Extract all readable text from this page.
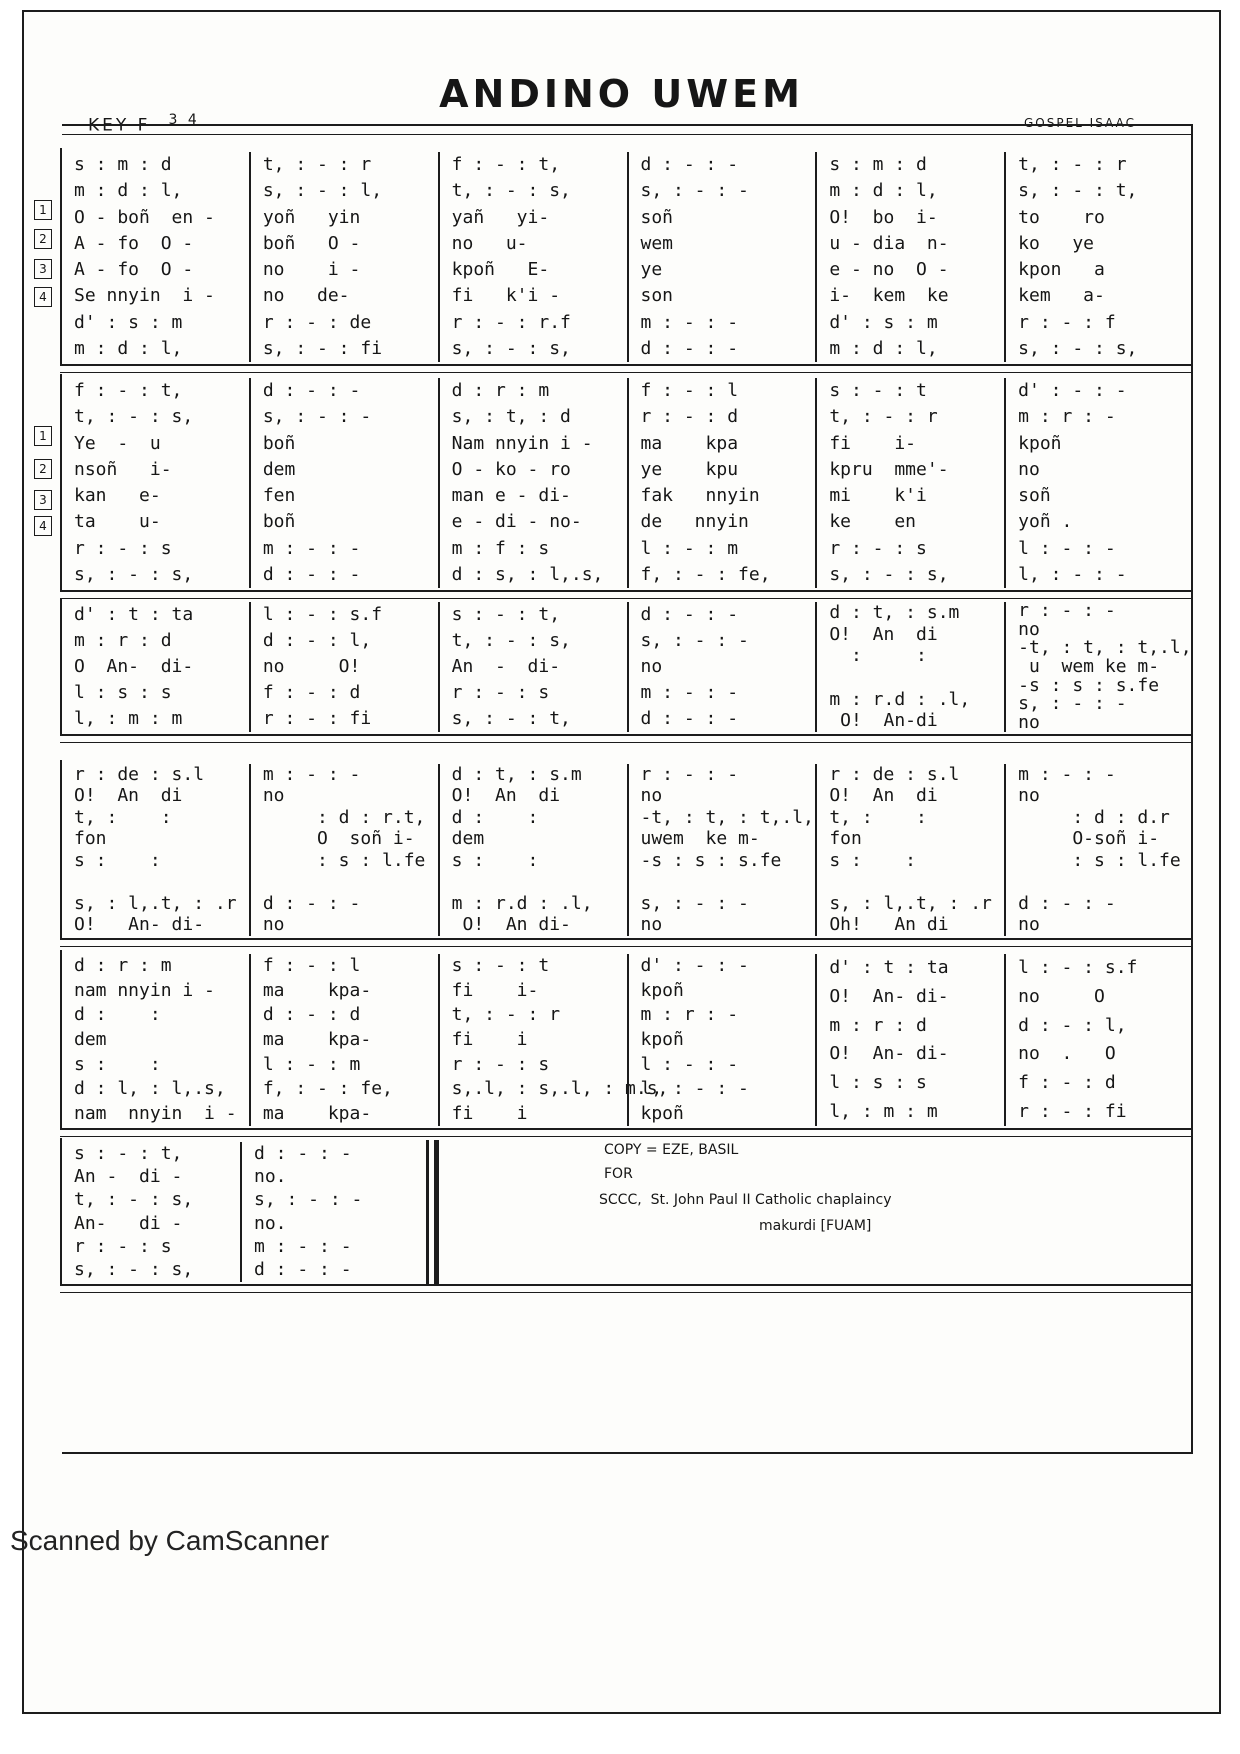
ANDINO UWEM
KEY F $^{3 4}$	GOSPEL ISAAC
s : m : d
m : d : l,
O - boñ  en -
A - fo  O -
A - fo  O -
Se nnyin  i -
d' : s : m
m : d : l,
t, : - : r
s, : - : l,
yoñ   yin
boñ   O -
no    i -
no   de-
r : - : de
s, : - : fi
f : - : t,
t, : - : s,
yañ   yi-
no   u-
kpoñ   E-
fi   k'i -
r : - : r.f
s, : - : s,
d : - : -
s, : - : -
soñ
wem
ye
son
m : - : -
d : - : -
s : m : d
m : d : l,
O!  bo  i-
u - dia  n-
e - no  O -
i-  kem  ke
d' : s : m
m : d : l,
t, : - : r
s, : - : t,
to    ro
ko   ye
kpon   a
kem   a-
r : - : f
s, : - : s,
1
2
3
4
f : - : t,
t, : - : s,
Ye  -  u
nsoñ   i-
kan   e-
ta    u-
r : - : s
s, : - : s,
d : - : -
s, : - : -
boñ
dem
fen
boñ
m : - : -
d : - : -
d : r : m
s, : t, : d
Nam nnyin i -
O - ko - ro
man e - di-
e - di - no-
m : f : s
d : s, : l,.s,
f : - : l
r : - : d
ma    kpa
ye    kpu
fak   nnyin
de   nnyin
l : - : m
f, : - : fe,
s : - : t
t, : - : r
fi    i-
kpru  mme'-
mi    k'i
ke    en
r : - : s
s, : - : s,
d' : - : -
m : r : -
kpoñ
no
soñ
yoñ .
l : - : -
l, : - : -
1
2
3
4
d' : t : ta
m : r : d
O  An-  di-
l : s : s
l, : m : m
l : - : s.f
d : - : l,
no     O!
f : - : d
r : - : fi
s : - : t,
t, : - : s,
An  -  di-
r : - : s
s, : - : t,
d : - : -
s, : - : -
no
m : - : -
d : - : -
d : t, : s.m
O!  An  di
:     :
m : r.d : .l,
O!  An-di
r : - : -
no
-t, : t, : t,.l,
u  wem ke m-
-s : s : s.fe
s, : - : -
no
r : de : s.l
O!  An  di
t, :    :
fon
s :    :
s, : l,.t, : .r
O!   An- di-
m : - : -
no
: d : r.t,
O  soñ i-
: s : l.fe
d : - : -
no
d : t, : s.m
O!  An  di
d :    :
dem
s :    :
m : r.d : .l,
O!  An di-
r : - : -
no
-t, : t, : t,.l,
uwem  ke m-
-s : s : s.fe
s, : - : -
no
r : de : s.l
O!  An  di
t, :    :
fon
s :    :
s, : l,.t, : .r
Oh!   An di
m : - : -
no
: d : d.r
O-soñ i-
: s : l.fe
d : - : -
no
d : r : m
nam nnyin i -
d :    :
dem
s :    :
d : l, : l,.s,
nam  nnyin  i -
f : - : l
ma    kpa-
d : - : d
ma    kpa-
l : - : m
f, : - : fe,
ma    kpa-
s : - : t
fi    i-
t, : - : r
fi    i
r : - : s
s,.l, : s,.l, : m.s,
fi    i
d' : - : -
kpoñ
m : r : -
kpoñ
l : - : -
l, : - : -
kpoñ
d' : t : ta
O!  An- di-
m : r : d
O!  An- di-
l : s : s
l, : m : m
l : - : s.f
no     O
d : - : l,
no  .   O
f : - : d
r : - : fi
s : - : t,
An -  di -
t, : - : s,
An-   di -
r : - : s
s, : - : s,
d : - : -
no.
s, : - : -
no.
m : - : -
d : - : -
COPY = EZE, BASIL
FOR
SCCC,  St. John Paul II Catholic chaplaincy
makurdi [FUAM]
Scanned by CamScanner
